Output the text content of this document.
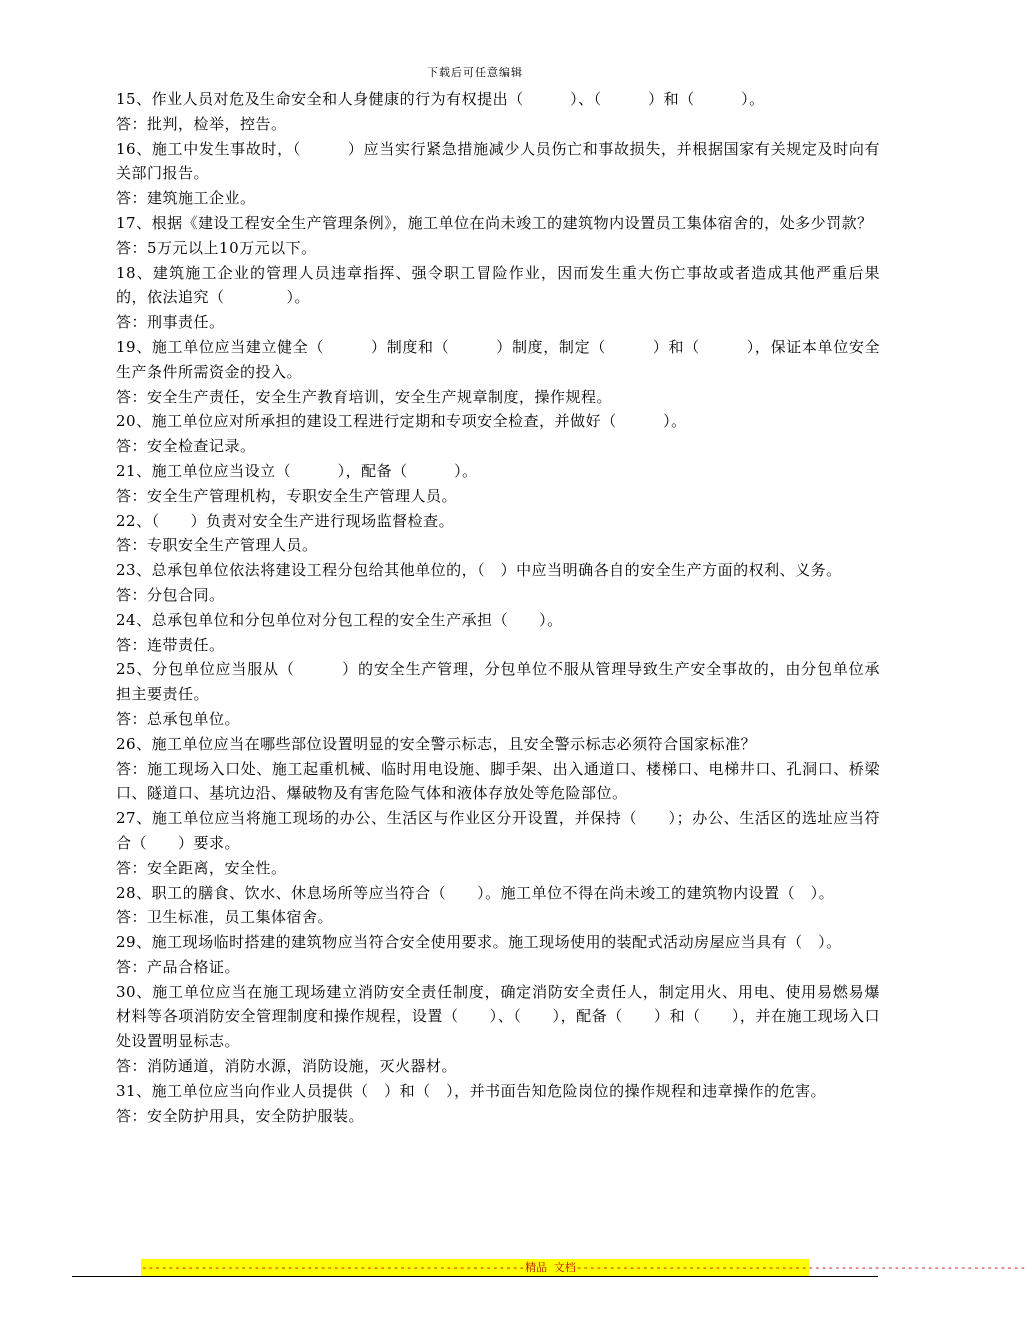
下载后可任意编辑

15、作业人员对危及生命安全和人身健康的行为有权提出（　　　）、（　　　）和（　　　）。

答：批判，检举，控告。

16、施工中发生事故时，（　　　）应当实行紧急措施减少人员伤亡和事故损失，并根据国家有关规定及时向有关部门报告。

答：建筑施工企业。

17、根据《建设工程安全生产管理条例》，施工单位在尚未竣工的建筑物内设置员工集体宿舍的，处多少罚款？

答：5万元以上10万元以下。

18、建筑施工企业的管理人员违章指挥、强令职工冒险作业，因而发生重大伤亡事故或者造成其他严重后果的，依法追究（　　　　）。

答：刑事责任。

19、施工单位应当建立健全（　　　）制度和（　　　）制度，制定（　　　）和（　　　），保证本单位安全生产条件所需资金的投入。

答：安全生产责任，安全生产教育培训，安全生产规章制度，操作规程。

20、施工单位应对所承担的建设工程进行定期和专项安全检查，并做好（　　　）。

答：安全检查记录。

21、施工单位应当设立（　　　），配备（　　　）。

答：安全生产管理机构，专职安全生产管理人员。

22、（　　）负责对安全生产进行现场监督检查。

答：专职安全生产管理人员。

23、总承包单位依法将建设工程分包给其他单位的，（　）中应当明确各自的安全生产方面的权利、义务。

答：分包合同。

24、总承包单位和分包单位对分包工程的安全生产承担（　　）。

答：连带责任。

25、分包单位应当服从（　　　）的安全生产管理，分包单位不服从管理导致生产安全事故的，由分包单位承担主要责任。

答：总承包单位。

26、施工单位应当在哪些部位设置明显的安全警示标志，且安全警示标志必须符合国家标准？

答：施工现场入口处、施工起重机械、临时用电设施、脚手架、出入通道口、楼梯口、电梯井口、孔洞口、桥梁口、隧道口、基坑边沿、爆破物及有害危险气体和液体存放处等危险部位。

27、施工单位应当将施工现场的办公、生活区与作业区分开设置，并保持（　　）；办公、生活区的选址应当符合（　　）要求。

答：安全距离，安全性。

28、职工的膳食、饮水、休息场所等应当符合（　　）。施工单位不得在尚未竣工的建筑物内设置（　）。

答：卫生标准，员工集体宿舍。

29、施工现场临时搭建的建筑物应当符合安全使用要求。施工现场使用的装配式活动房屋应当具有（　）。

答：产品合格证。

30、施工单位应当在施工现场建立消防安全责任制度，确定消防安全责任人，制定用火、用电、使用易燃易爆材料等各项消防安全管理制度和操作规程，设置（　　）、（　　），配备（　　）和（　　），并在施工现场入口处设置明显标志。

答：消防通道，消防水源，消防设施，灭火器材。

31、施工单位应当向作业人员提供（　）和（　），并书面告知危险岗位的操作规程和违章操作的危害。

答：安全防护用具，安全防护服装。

----------------------------------------------------------精品 文档--------------------------------------------------------------------
